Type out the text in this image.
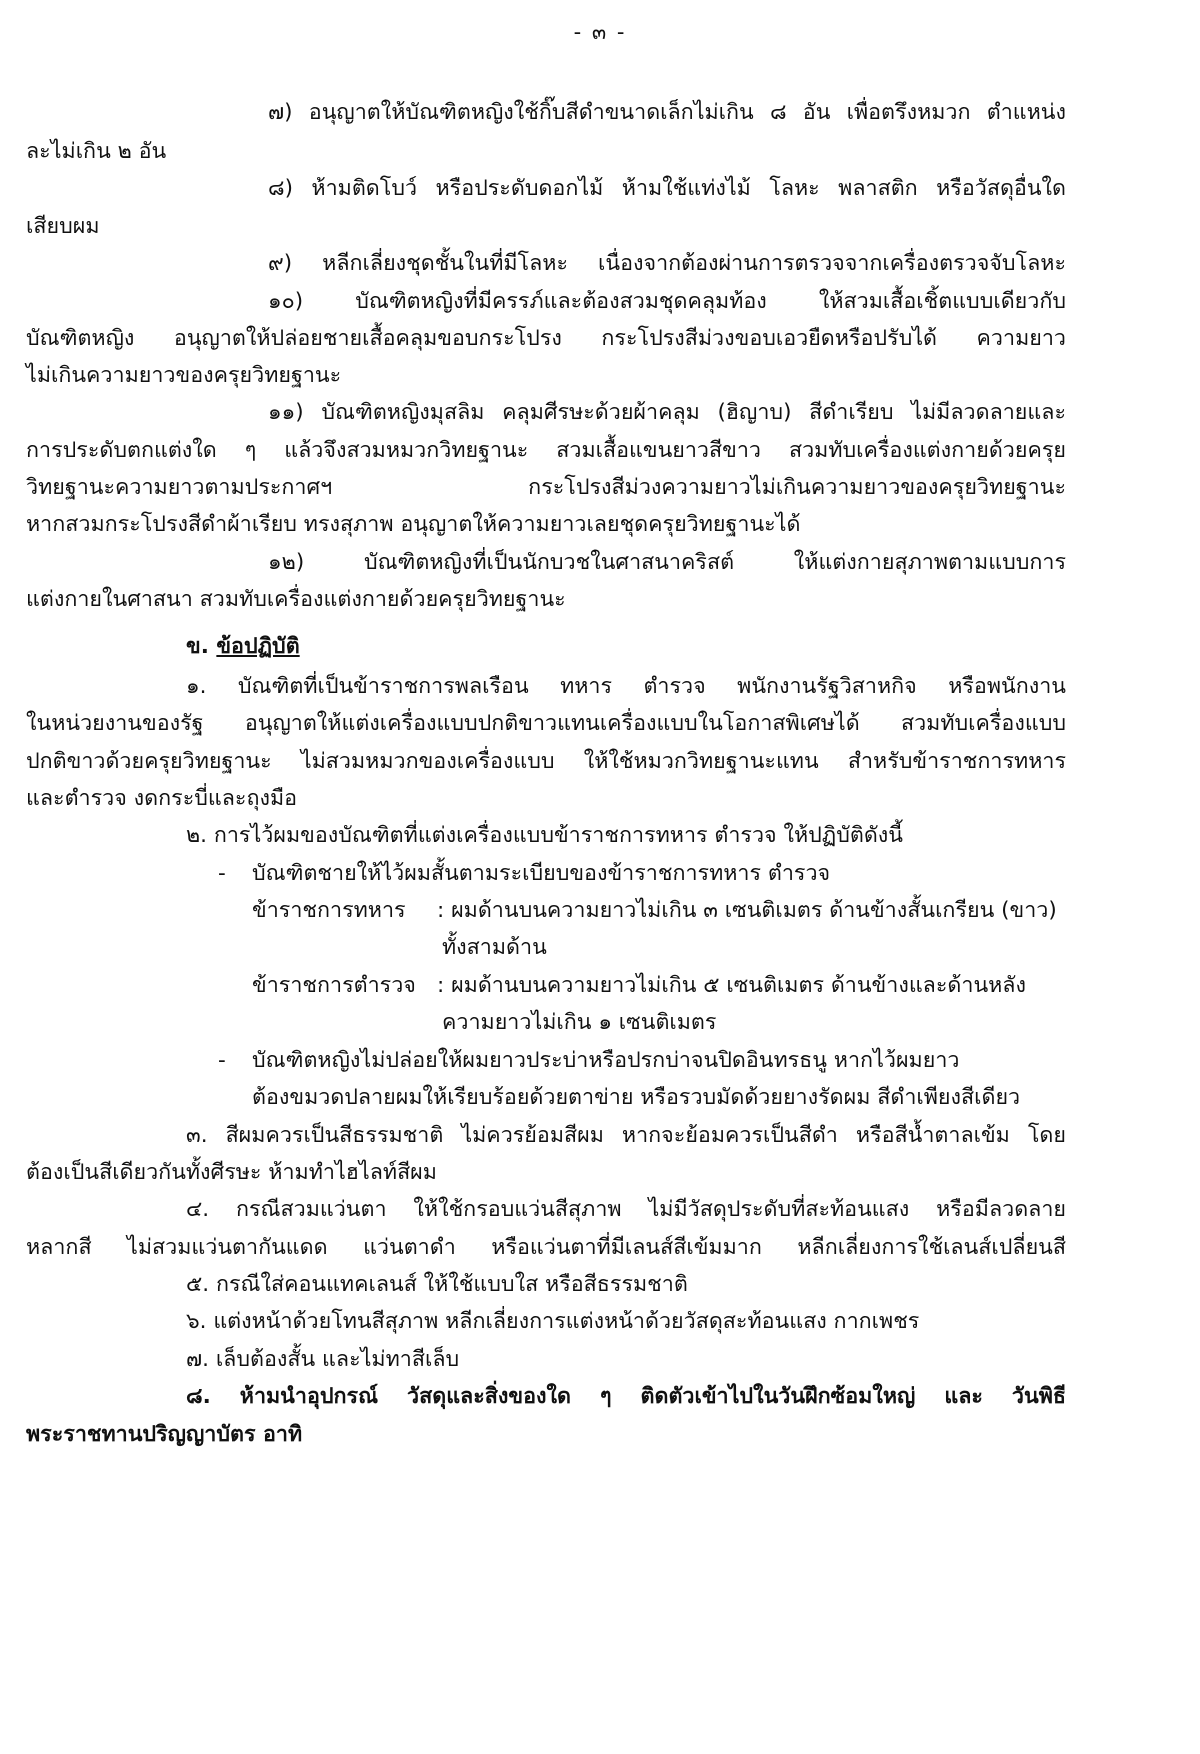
- ๓ -
๗) อนุญาตให้บัณฑิตหญิงใช้กิ๊บสีดำขนาดเล็กไม่เกิน ๘ อัน เพื่อตรึงหมวก ตำแหน่ง
ละไม่เกิน ๒ อัน
๘) ห้ามติดโบว์ หรือประดับดอกไม้ ห้ามใช้แท่งไม้ โลหะ พลาสติก หรือวัสดุอื่นใด
เสียบผม
๙) หลีกเลี่ยงชุดชั้นในที่มีโลหะ เนื่องจากต้องผ่านการตรวจจากเครื่องตรวจจับโลหะ
๑๐) บัณฑิตหญิงที่มีครรภ์และต้องสวมชุดคลุมท้อง ให้สวมเสื้อเชิ้ตแบบเดียวกับ
บัณฑิตหญิง อนุญาตให้ปล่อยชายเสื้อคลุมขอบกระโปรง กระโปรงสีม่วงขอบเอวยืดหรือปรับได้ ความยาว
ไม่เกินความยาวของครุยวิทยฐานะ
๑๑) บัณฑิตหญิงมุสลิม คลุมศีรษะด้วยผ้าคลุม (ฮิญาบ) สีดำเรียบ ไม่มีลวดลายและ
การประดับตกแต่งใด ๆ แล้วจึงสวมหมวกวิทยฐานะ สวมเสื้อแขนยาวสีขาว สวมทับเครื่องแต่งกายด้วยครุย
วิทยฐานะความยาวตามประกาศฯ กระโปรงสีม่วงความยาวไม่เกินความยาวของครุยวิทยฐานะ
หากสวมกระโปรงสีดำผ้าเรียบ ทรงสุภาพ อนุญาตให้ความยาวเลยชุดครุยวิทยฐานะได้
๑๒) บัณฑิตหญิงที่เป็นนักบวชในศาสนาคริสต์ ให้แต่งกายสุภาพตามแบบการ
แต่งกายในศาสนา สวมทับเครื่องแต่งกายด้วยครุยวิทยฐานะ
ข. ข้อปฏิบัติ
๑. บัณฑิตที่เป็นข้าราชการพลเรือน ทหาร ตำรวจ พนักงานรัฐวิสาหกิจ หรือพนักงาน
ในหน่วยงานของรัฐ อนุญาตให้แต่งเครื่องแบบปกติขาวแทนเครื่องแบบในโอกาสพิเศษได้ สวมทับเครื่องแบบ
ปกติขาวด้วยครุยวิทยฐานะ ไม่สวมหมวกของเครื่องแบบ ให้ใช้หมวกวิทยฐานะแทน สำหรับข้าราชการทหาร
และตำรวจ งดกระบี่และถุงมือ
๒. การไว้ผมของบัณฑิตที่แต่งเครื่องแบบข้าราชการทหาร ตำรวจ ให้ปฏิบัติดังนี้
- บัณฑิตชายให้ไว้ผมสั้นตามระเบียบของข้าราชการทหาร ตำรวจ
ข้าราชการทหาร : ผมด้านบนความยาวไม่เกิน ๓ เซนติเมตร ด้านข้างสั้นเกรียน (ขาว)
ทั้งสามด้าน
ข้าราชการตำรวจ : ผมด้านบนความยาวไม่เกิน ๕ เซนติเมตร ด้านข้างและด้านหลัง
ความยาวไม่เกิน ๑ เซนติเมตร
- บัณฑิตหญิงไม่ปล่อยให้ผมยาวประบ่าหรือปรกบ่าจนปิดอินทรธนู หากไว้ผมยาว
ต้องขมวดปลายผมให้เรียบร้อยด้วยตาข่าย หรือรวบมัดด้วยยางรัดผม สีดำเพียงสีเดียว
๓. สีผมควรเป็นสีธรรมชาติ ไม่ควรย้อมสีผม หากจะย้อมควรเป็นสีดำ หรือสีน้ำตาลเข้ม โดย
ต้องเป็นสีเดียวกันทั้งศีรษะ ห้ามทำไฮไลท์สีผม
๔. กรณีสวมแว่นตา ให้ใช้กรอบแว่นสีสุภาพ ไม่มีวัสดุประดับที่สะท้อนแสง หรือมีลวดลาย
หลากสี ไม่สวมแว่นตากันแดด แว่นตาดำ หรือแว่นตาที่มีเลนส์สีเข้มมาก หลีกเลี่ยงการใช้เลนส์เปลี่ยนสี
๕. กรณีใส่คอนแทคเลนส์ ให้ใช้แบบใส หรือสีธรรมชาติ
๖. แต่งหน้าด้วยโทนสีสุภาพ หลีกเลี่ยงการแต่งหน้าด้วยวัสดุสะท้อนแสง กากเพชร
๗. เล็บต้องสั้น และไม่ทาสีเล็บ
๘. ห้ามนำอุปกรณ์ วัสดุและสิ่งของใด ๆ ติดตัวเข้าไปในวันฝึกซ้อมใหญ่ และ วันพิธี
พระราชทานปริญญาบัตร อาทิ
